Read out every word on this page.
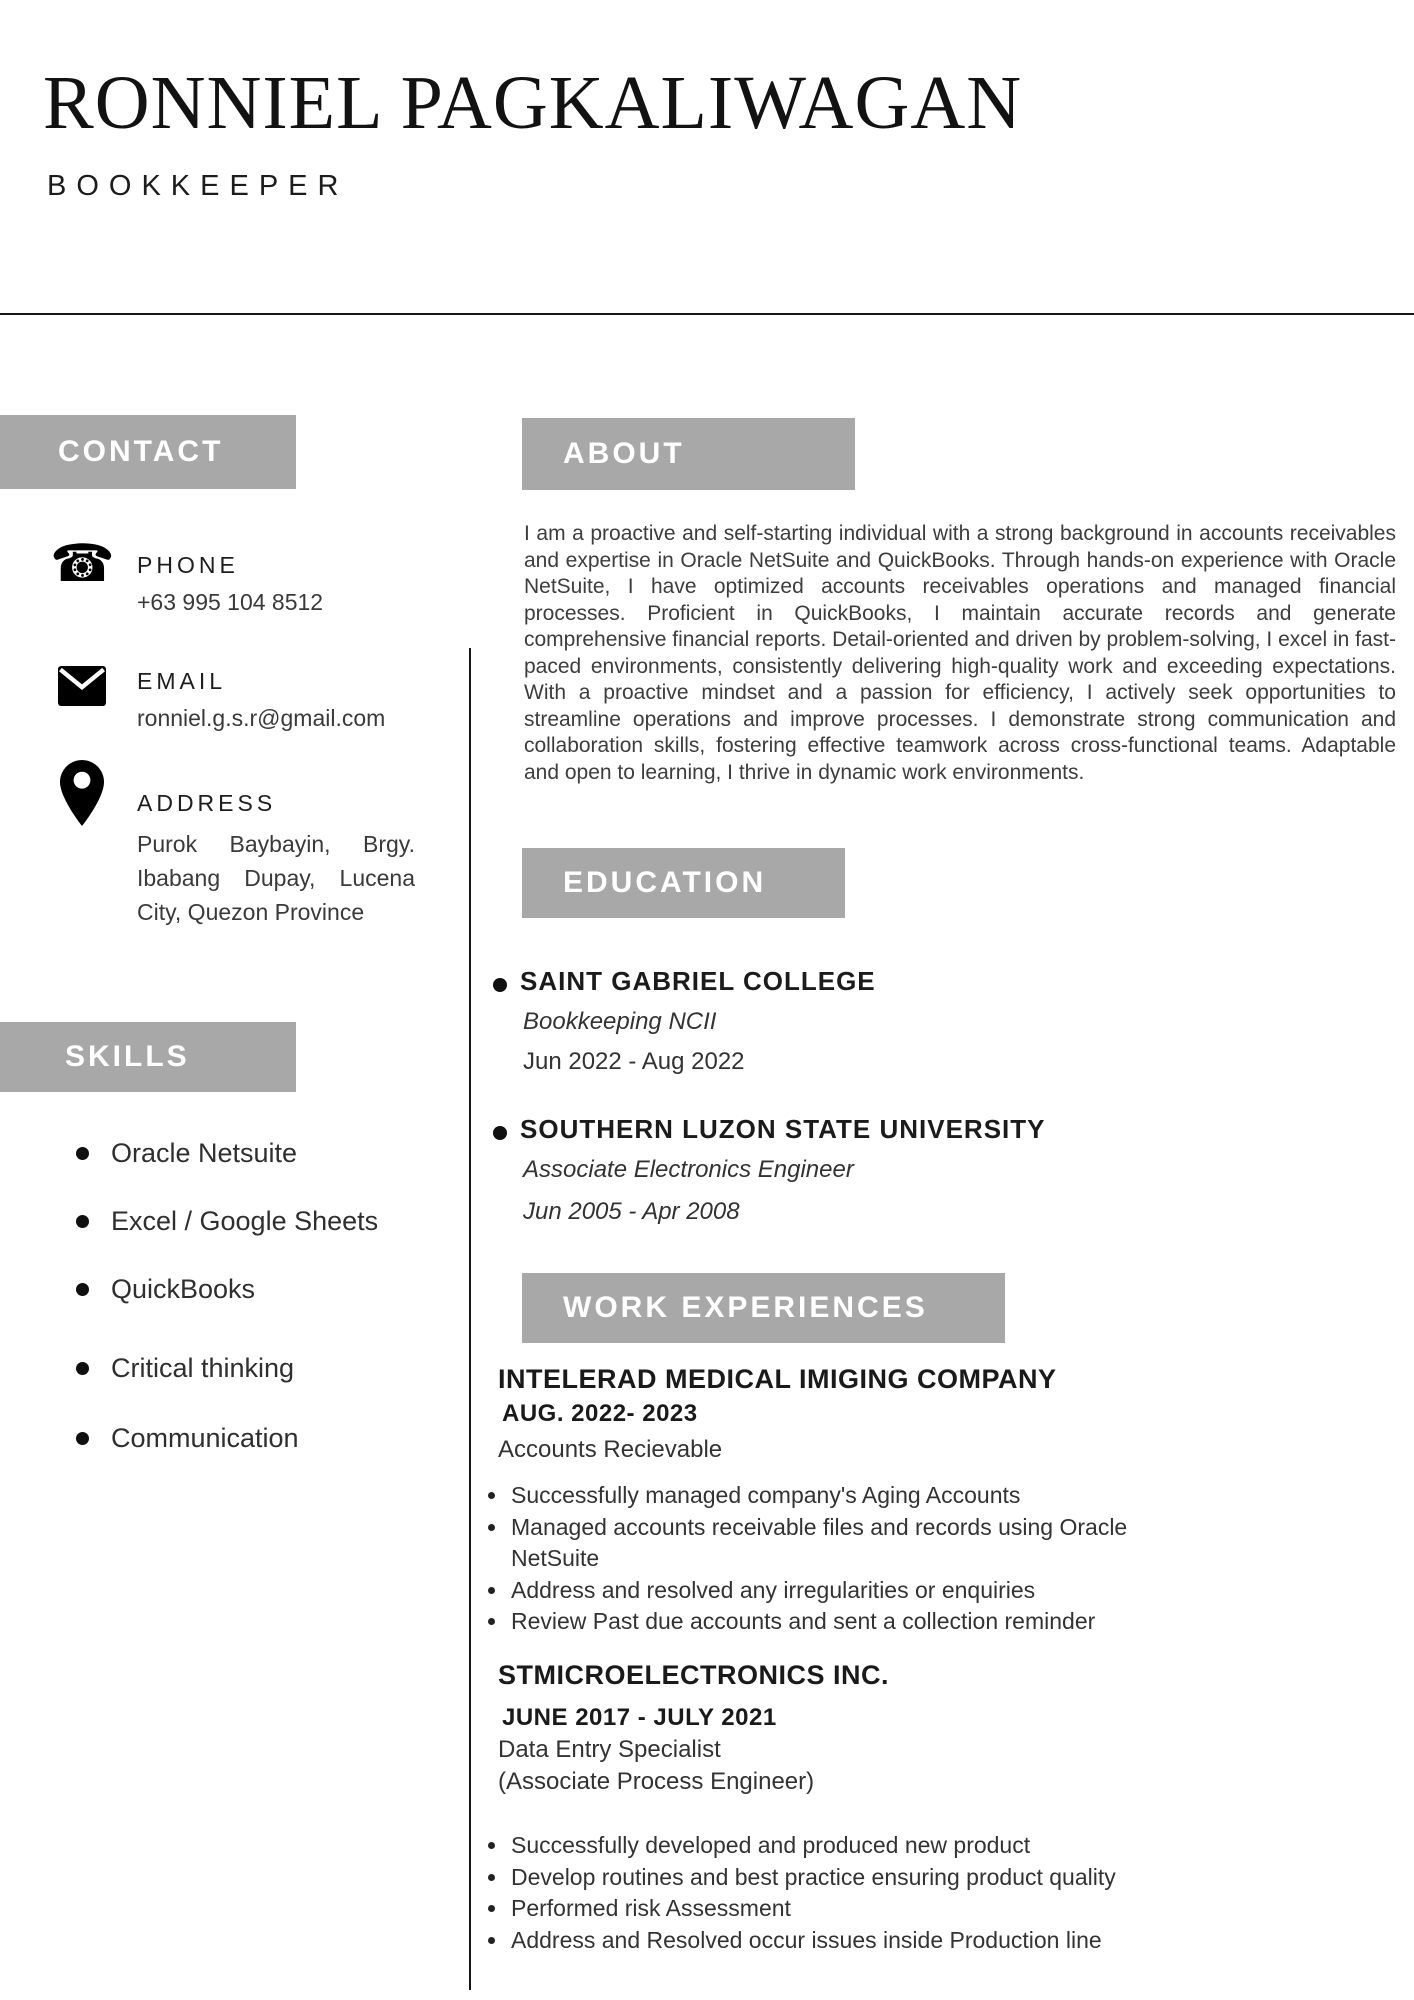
RONNIEL PAGKALIWAGAN
BOOKKEEPER
CONTACT
☎ PHONE
+63 995 104 8512
EMAIL
ronniel.g.s.r@gmail.com
ADDRESS
Purok Baybayin, Brgy. Ibabang Dupay, Lucena City, Quezon Province
SKILLS
Oracle Netsuite
Excel / Google Sheets
QuickBooks
Critical thinking
Communication
ABOUT

I am a proactive and self-starting individual with a strong background in accounts receivables and expertise in Oracle NetSuite and QuickBooks. Through hands-on experience with Oracle NetSuite, I have optimized accounts receivables operations and managed financial processes. Proficient in QuickBooks, I maintain accurate records and generate comprehensive financial reports. Detail-oriented and driven by problem-solving, I excel in fast-paced environments, consistently delivering high-quality work and exceeding expectations. With a proactive mindset and a passion for efficiency, I actively seek opportunities to streamline operations and improve processes. I demonstrate strong communication and collaboration skills, fostering effective teamwork across cross-functional teams. Adaptable and open to learning, I thrive in dynamic work environments.

EDUCATION
SAINT GABRIEL COLLEGE
Bookkeeping NCII
Jun 2022 - Aug 2022
SOUTHERN LUZON STATE UNIVERSITY
Associate Electronics Engineer
Jun 2005 - Apr 2008
WORK EXPERIENCES
INTELERAD MEDICAL IMIGING COMPANY
AUG. 2022- 2023
Accounts Recievable
Successfully managed company's Aging Accounts
Managed accounts receivable files and records using Oracle NetSuite
Address and resolved any irregularities or enquiries
Review Past due accounts and sent a collection reminder
STMICROELECTRONICS INC.
JUNE 2017 - JULY 2021
Data Entry Specialist
(Associate Process Engineer)
Successfully developed and produced new product
Develop routines and best practice ensuring product quality
Performed risk Assessment
Address and Resolved occur issues inside Production line
